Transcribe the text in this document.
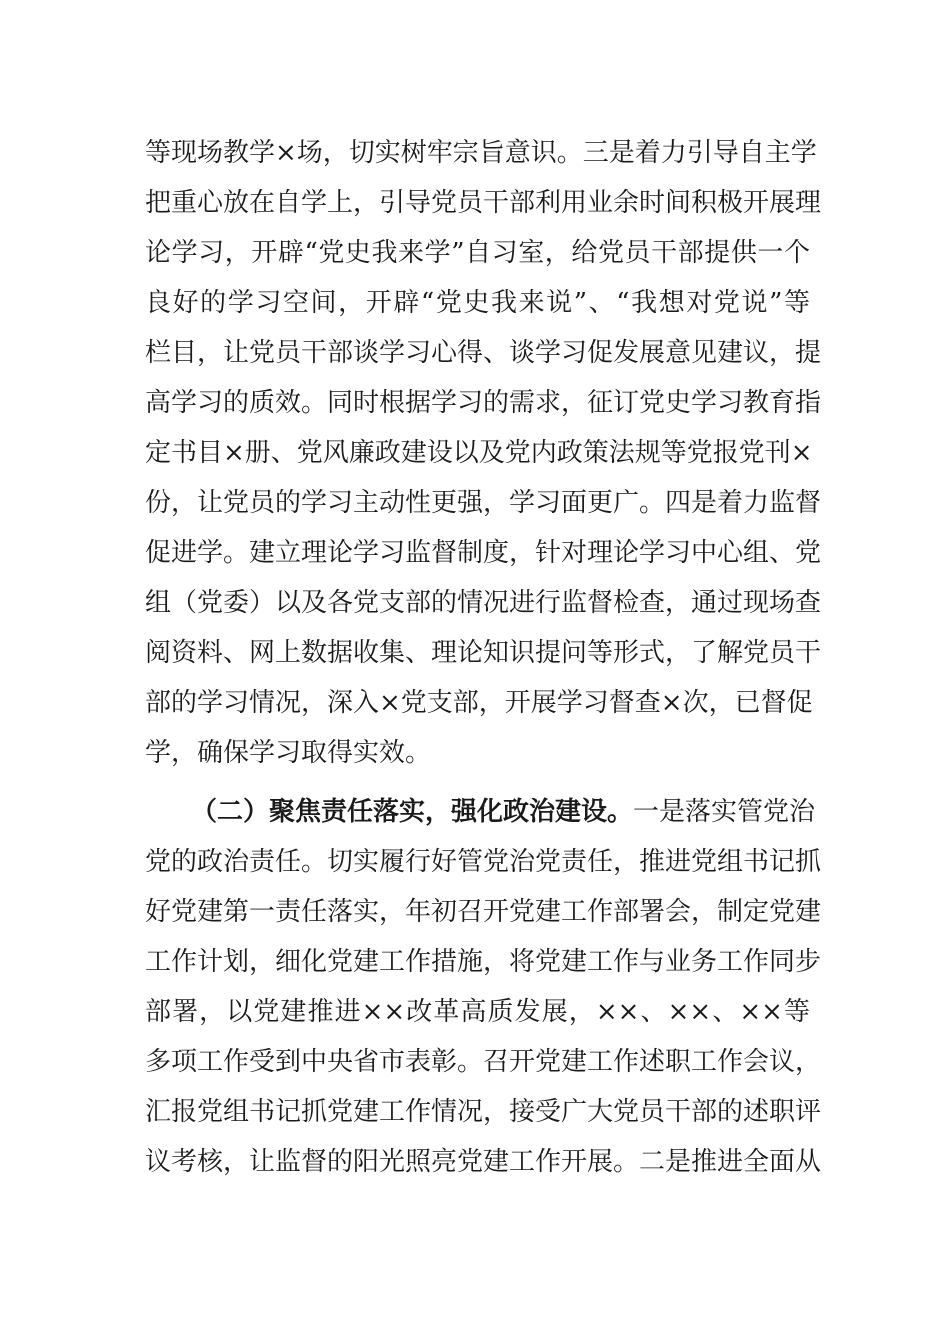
等现场教学×场，切实树牢宗旨意识。三是着力引导自主学
把重心放在自学上，引导党员干部利用业余时间积极开展理
论学习，开辟“党史我来学”自习室，给党员干部提供一个
良好的学习空间，开辟“党史我来说”、“我想对党说”等
栏目，让党员干部谈学习心得、谈学习促发展意见建议，提
高学习的质效。同时根据学习的需求，征订党史学习教育指
定书目×册、党风廉政建设以及党内政策法规等党报党刊×
份，让党员的学习主动性更强，学习面更广。四是着力监督
促进学。建立理论学习监督制度，针对理论学习中心组、党
组（党委）以及各党支部的情况进行监督检查，通过现场查
阅资料、网上数据收集、理论知识提问等形式，了解党员干
部的学习情况，深入×党支部，开展学习督查×次，已督促
学，确保学习取得实效。
（二）聚焦责任落实，强化政治建设。一是落实管党治
党的政治责任。切实履行好管党治党责任，推进党组书记抓
好党建第一责任落实，年初召开党建工作部署会，制定党建
工作计划，细化党建工作措施，将党建工作与业务工作同步
部署，以党建推进××改革高质发展，××、××、××等
多项工作受到中央省市表彰。召开党建工作述职工作会议，
汇报党组书记抓党建工作情况，接受广大党员干部的述职评
议考核，让监督的阳光照亮党建工作开展。二是推进全面从
